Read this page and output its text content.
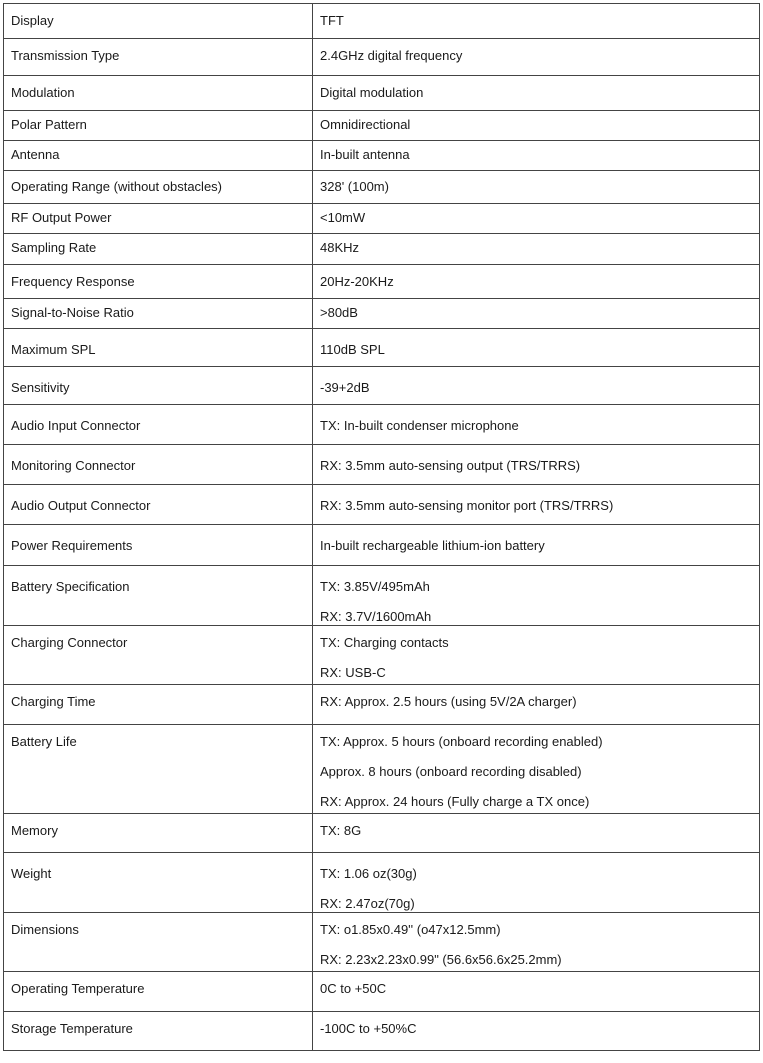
Display	TFT

Transmission Type	2.4GHz digital frequency

Modulation	Digital modulation

Polar Pattern	Omnidirectional

Antenna	In-built antenna

Operating Range (without obstacles)	328' (100m)

RF Output Power	<10mW

Sampling Rate	48KHz

Frequency Response	20Hz-20KHz

Signal-to-Noise Ratio	>80dB

Maximum SPL	110dB SPL

Sensitivity	-39+2dB

Audio Input Connector	TX: In-built condenser microphone

Monitoring Connector	RX: 3.5mm auto-sensing output (TRS/TRRS)

Audio Output Connector	RX: 3.5mm auto-sensing monitor port (TRS/TRRS)

Power Requirements	In-built rechargeable lithium-ion battery

Battery Specification	TX: 3.85V/495mAh
RX: 3.7V/1600mAh

Charging Connector	TX: Charging contacts
RX: USB-C

Charging Time	RX: Approx. 2.5 hours (using 5V/2A charger)

Battery Life	TX: Approx. 5 hours (onboard recording enabled)
Approx. 8 hours (onboard recording disabled)
RX: Approx. 24 hours (Fully charge a TX once)

Memory	TX: 8G

Weight	TX: 1.06 oz(30g)
RX: 2.47oz(70g)

Dimensions	TX: o1.85x0.49'' (o47x12.5mm)
RX: 2.23x2.23x0.99" (56.6x56.6x25.2mm)

Operating Temperature	0C to +50C

Storage Temperature	-100C to +50%C
